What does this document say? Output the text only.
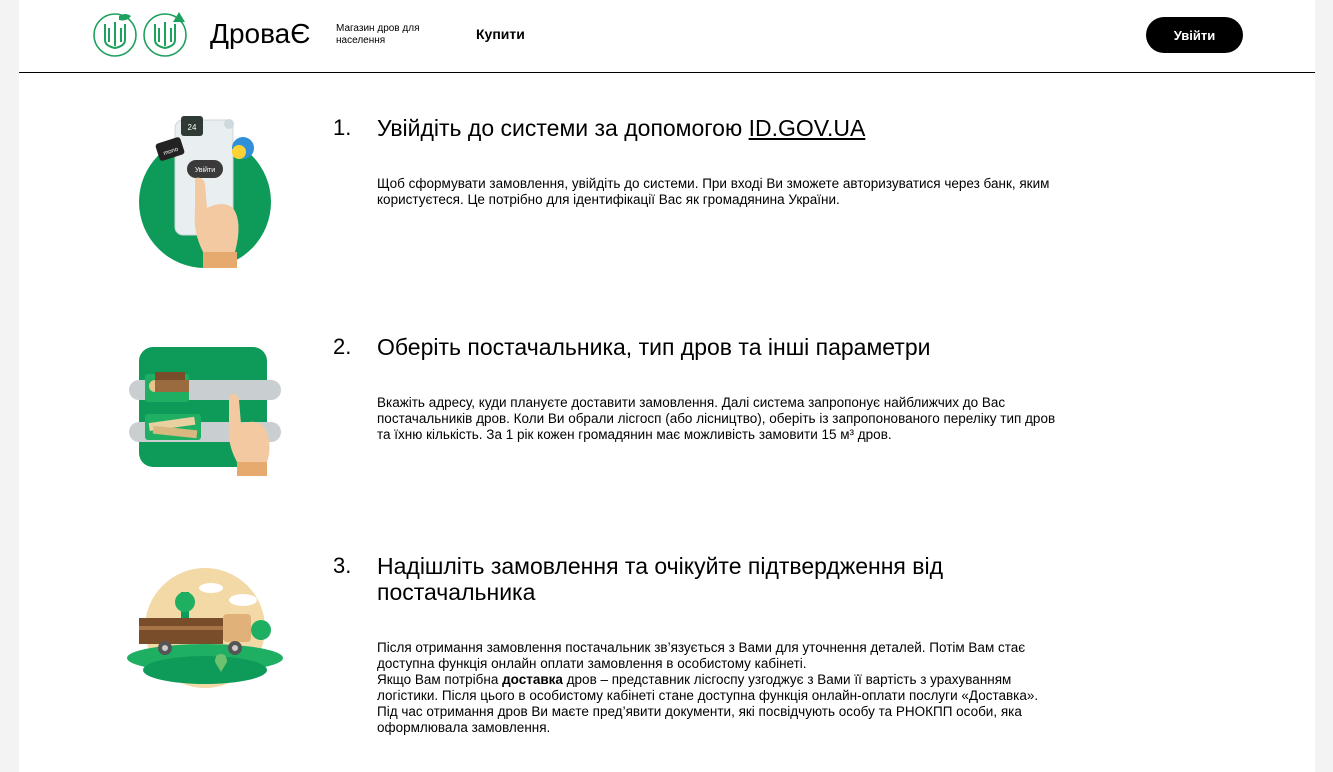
ДроваЄ	Магазин дров для населення	Купити	Увійти
24
mono
Увійти
1. Увійдіть до системи за допомогою ID.GOV.UA
Щоб сформувати замовлення, увійдіть до системи. При вході Ви зможете авторизуватися через банк, яким користуєтеся. Це потрібно для ідентифікації Вас як громадянина України.
2. Оберіть постачальника, тип дров та інші параметри
Вкажіть адресу, куди плануєте доставити замовлення. Далі система запропонує найближчих до Вас постачальників дров. Коли Ви обрали лісгосп (або лісництво), оберіть із запропонованого переліку тип дров та їхню кількість. За 1 рік кожен громадянин має можливість замовити 15 м³ дров.
3. Надішліть замовлення та очікуйте підтвердження від постачальника

Після отримання замовлення постачальник зв’язується з Вами для уточнення деталей. Потім Вам стає доступна функція онлайн оплати замовлення в особистому кабінеті.

Якщо Вам потрібна доставка дров – представник лісгоспу узгоджує з Вами її вартість з урахуванням логістики. Після цього в особистому кабінеті стане доступна функція онлайн-оплати послуги «Доставка». Під час отримання дров Ви маєте пред’явити документи, які посвідчують особу та РНОКПП особи, яка оформлювала замовлення.
